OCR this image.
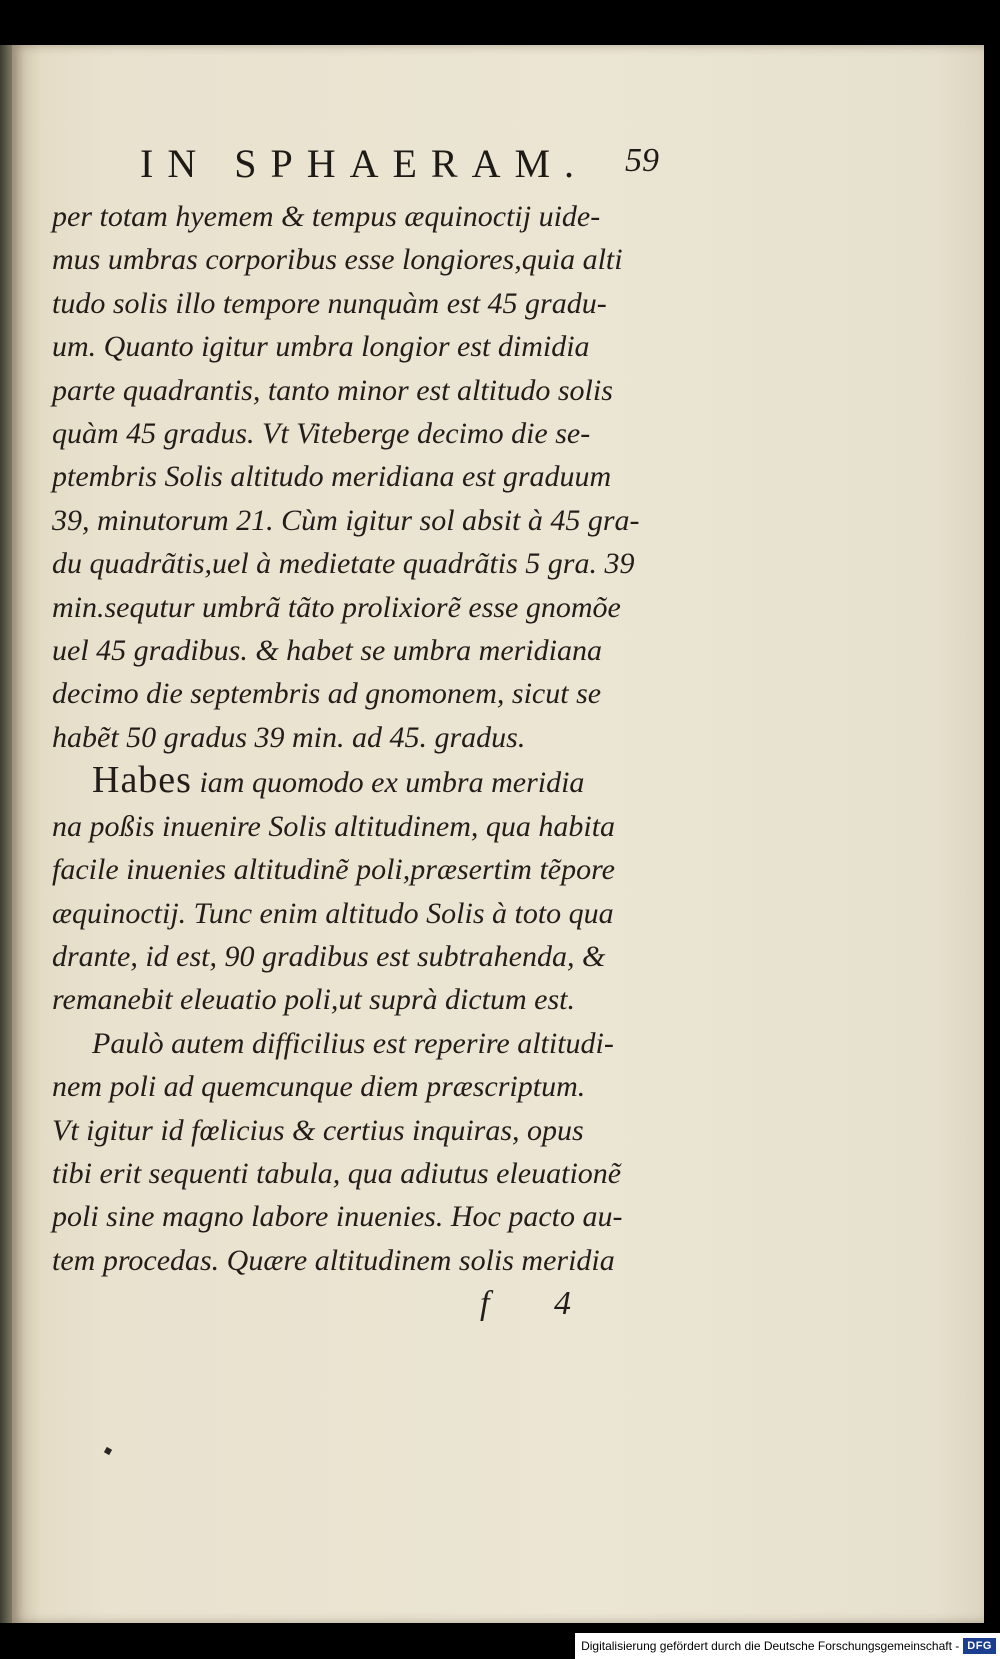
IN SPHAERAM.	59
per totam hyemem & tempus æquinoctij uide-
mus umbras corporibus esse longiores,quia alti
tudo solis illo tempore nunquàm est 45 gradu-
um. Quanto igitur umbra longior est dimidia
parte quadrantis, tanto minor est altitudo solis
quàm 45 gradus. Vt Viteberge decimo die se-
ptembris Solis altitudo meridiana est graduum
39, minutorum 21. Cùm igitur sol absit à 45 gra-
du quadrãtis,uel à medietate quadrãtis 5 gra. 39
min.sequtur umbrã tãto prolixiorẽ esse gnomõe
uel 45 gradibus. & habet se umbra meridiana
decimo die septembris ad gnomonem, sicut se
habẽt 50 gradus 39 min. ad 45. gradus.
Habes iam quomodo ex umbra meridia
na poßis inuenire Solis altitudinem, qua habita
facile inuenies altitudinẽ poli,præsertim tẽpore
æquinoctij. Tunc enim altitudo Solis à toto qua
drante, id est, 90 gradibus est subtrahenda, &
remanebit eleuatio poli,ut suprà dictum est.
Paulò autem difficilius est reperire altitudi-
nem poli ad quemcunque diem præscriptum.
Vt igitur id fœlicius & certius inquiras, opus
tibi erit sequenti tabula, qua adiutus eleuationẽ
poli sine magno labore inuenies. Hoc pacto au-
tem procedas. Quære altitudinem solis meridia
f 4
Digitalisierung gefördert durch die Deutsche Forschungsgemeinschaft - DFG
